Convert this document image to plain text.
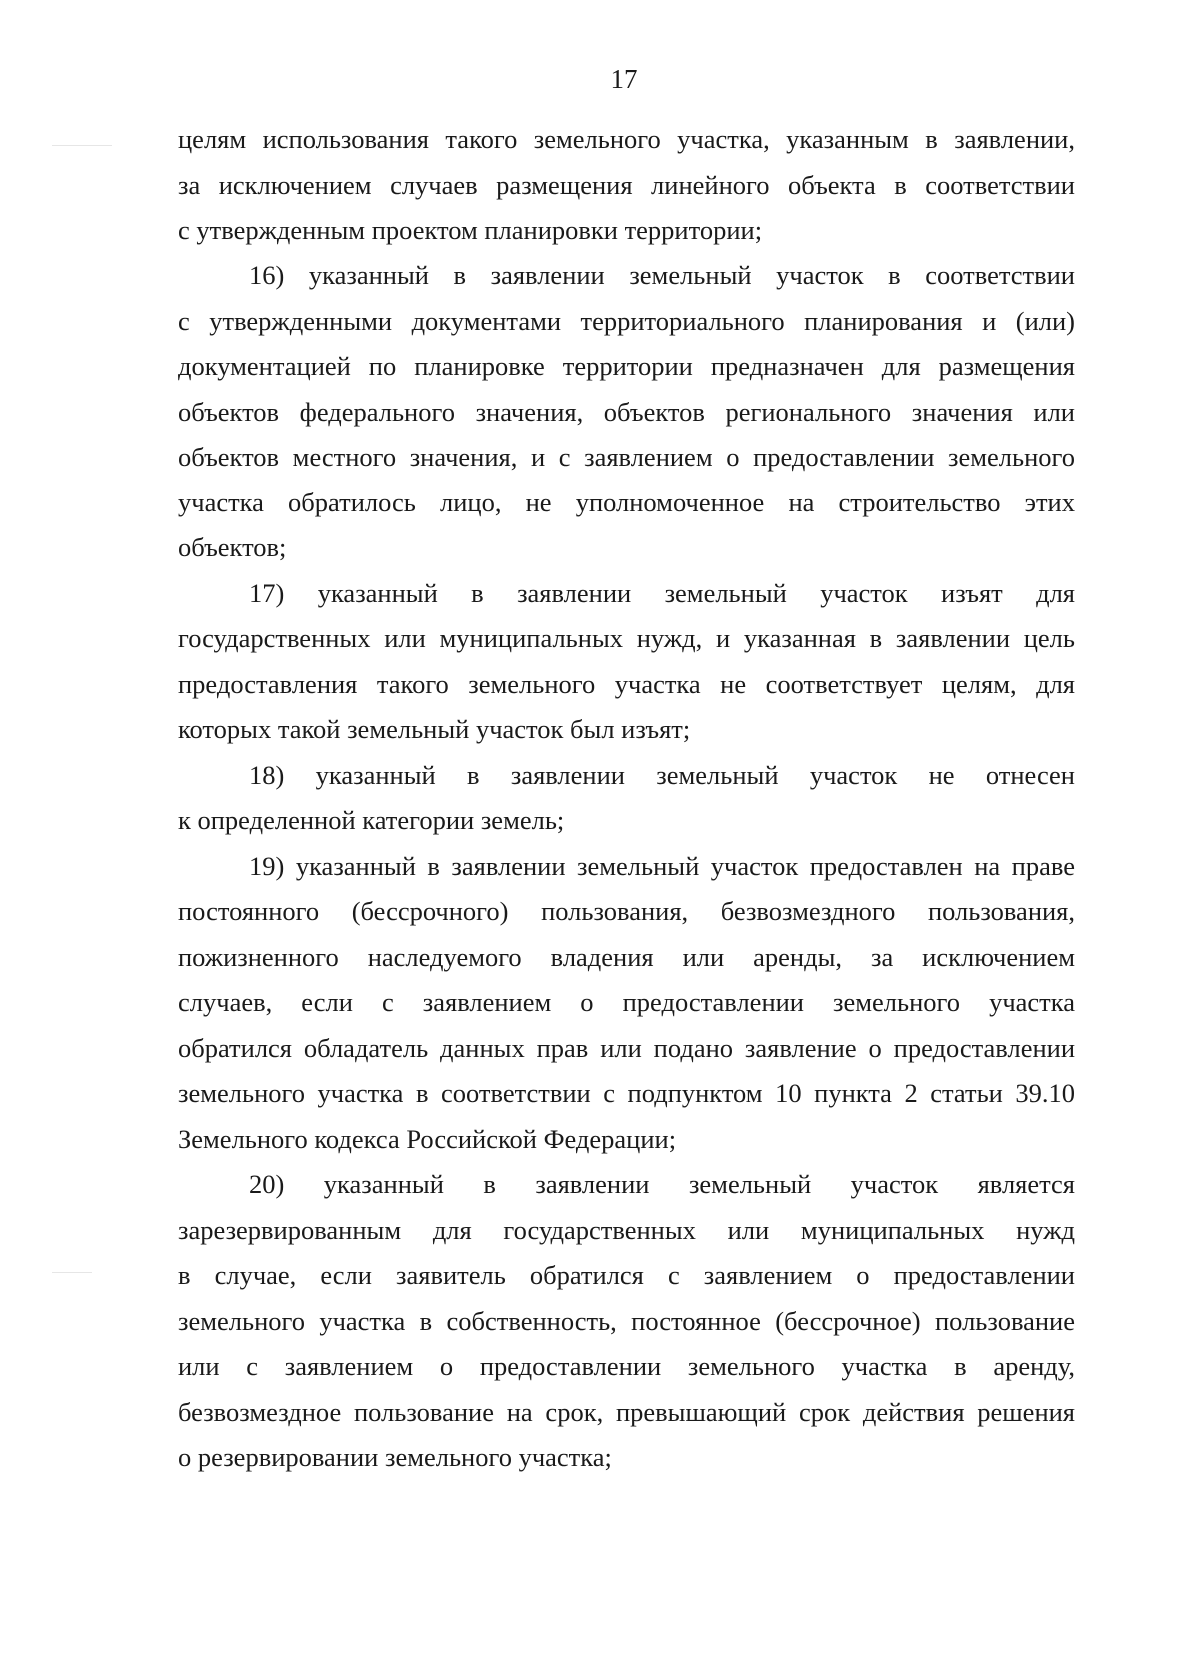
17
целям использования такого земельного участка, указанным в заявлении,
за исключением случаев размещения линейного объекта в соответствии
с утвержденным проектом планировки территории;
16) указанный в заявлении земельный участок в соответствии
с утвержденными документами территориального планирования и (или)
документацией по планировке территории предназначен для размещения
объектов федерального значения, объектов регионального значения или
объектов местного значения, и с заявлением о предоставлении земельного
участка обратилось лицо, не уполномоченное на строительство этих
объектов;
17) указанный в заявлении земельный участок изъят для
государственных или муниципальных нужд, и указанная в заявлении цель
предоставления такого земельного участка не соответствует целям, для
которых такой земельный участок был изъят;
18) указанный в заявлении земельный участок не отнесен
к определенной категории земель;
19) указанный в заявлении земельный участок предоставлен на праве
постоянного (бессрочного) пользования, безвозмездного пользования,
пожизненного наследуемого владения или аренды, за исключением
случаев, если с заявлением о предоставлении земельного участка
обратился обладатель данных прав или подано заявление о предоставлении
земельного участка в соответствии с подпунктом 10 пункта 2 статьи 39.10
Земельного кодекса Российской Федерации;
20) указанный в заявлении земельный участок является
зарезервированным для государственных или муниципальных нужд
в случае, если заявитель обратился с заявлением о предоставлении
земельного участка в собственность, постоянное (бессрочное) пользование
или с заявлением о предоставлении земельного участка в аренду,
безвозмездное пользование на срок, превышающий срок действия решения
о резервировании земельного участка;
